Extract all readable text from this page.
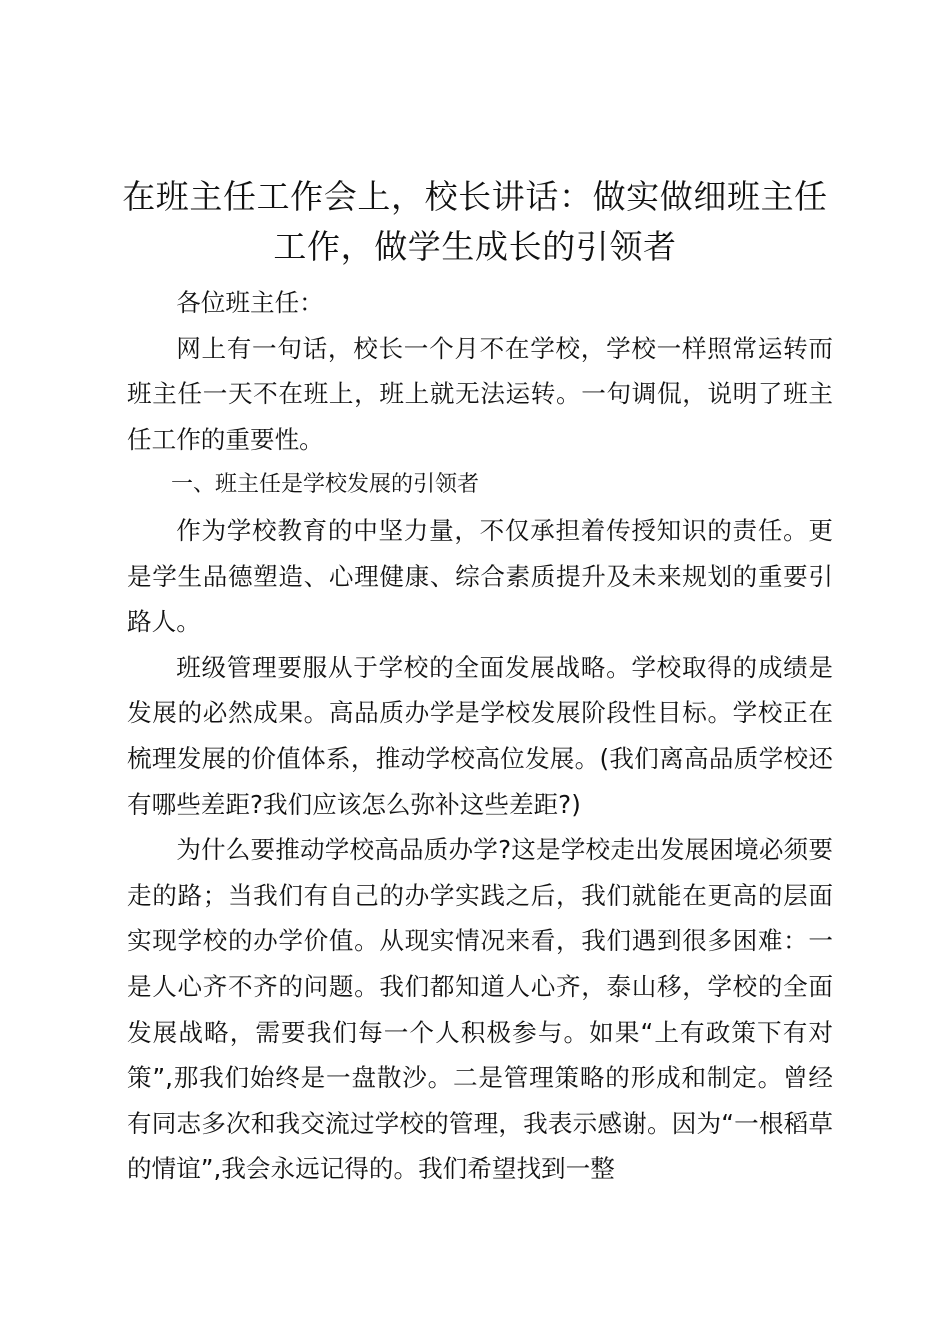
在班主任工作会上，校长讲话：做实做细班主任工作，做学生成长的引领者

各位班主任：

网上有一句话，校长一个月不在学校，学校一样照常运转而班主任一天不在班上，班上就无法运转。一句调侃，说明了班主任工作的重要性。

一、班主任是学校发展的引领者

作为学校教育的中坚力量，不仅承担着传授知识的责任。更是学生品德塑造、心理健康、综合素质提升及未来规划的重要引路人。

班级管理要服从于学校的全面发展战略。学校取得的成绩是发展的必然成果。高品质办学是学校发展阶段性目标。学校正在梳理发展的价值体系，推动学校高位发展。(我们离高品质学校还有哪些差距?我们应该怎么弥补这些差距?)

为什么要推动学校高品质办学?这是学校走出发展困境必须要走的路；当我们有自己的办学实践之后，我们就能在更高的层面实现学校的办学价值。从现实情况来看，我们遇到很多困难：一是人心齐不齐的问题。我们都知道人心齐，泰山移，学校的全面发展战略，需要我们每一个人积极参与。如果“上有政策下有对策”,那我们始终是一盘散沙。二是管理策略的形成和制定。曾经有同志多次和我交流过学校的管理，我表示感谢。因为“一根稻草的情谊”,我会永远记得的。我们希望找到一整
